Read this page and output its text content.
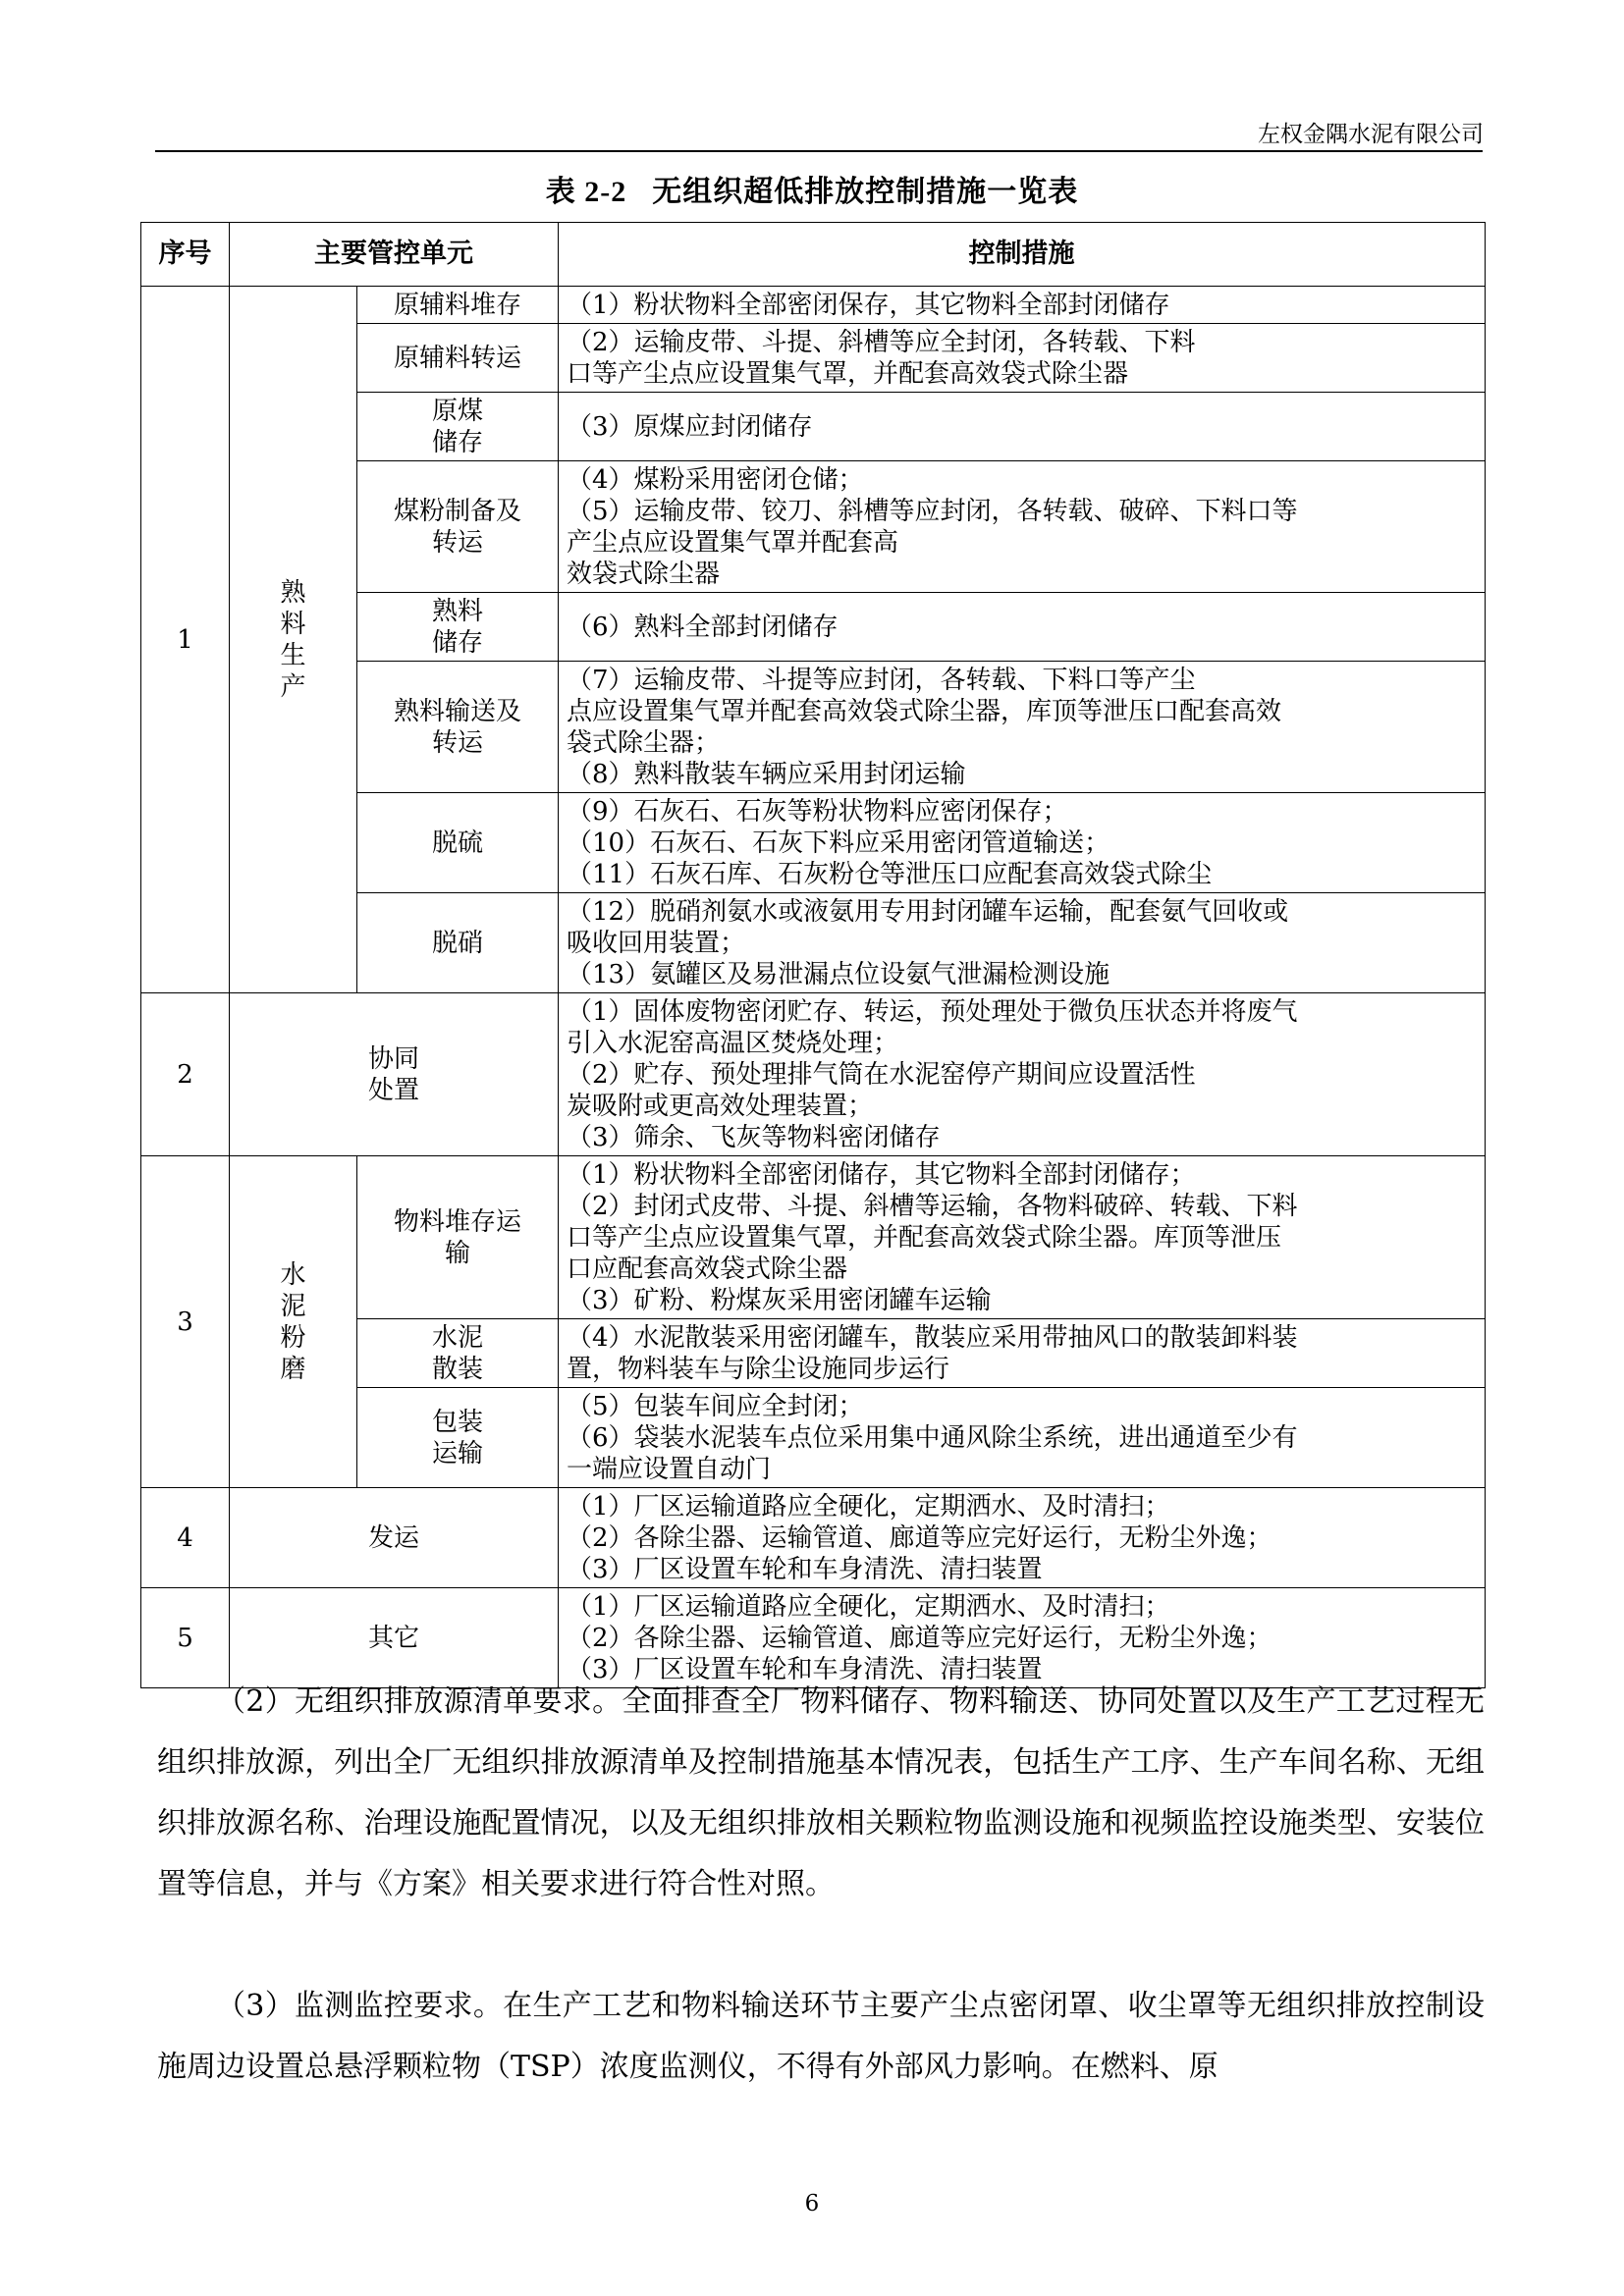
左权金隅水泥有限公司
表 2-2 无组织超低排放控制措施一览表
序号	主要管控单元		控制措施
1	熟料生产	原辅料堆存	（1）粉状物料全部密闭保存，其它物料全部封闭储存

		原辅料转运	（2）运输皮带、斗提、斜槽等应全封闭，各转载、下料
口等产尘点应设置集气罩，并配套高效袋式除尘器

		原煤
储存	（3）原煤应封闭储存

		煤粉制备及
转运	（4）煤粉采用密闭仓储；
（5）运输皮带、铰刀、斜槽等应封闭，各转载、破碎、下料口等
产尘点应设置集气罩并配套高
效袋式除尘器

		熟料
储存	（6）熟料全部封闭储存

		熟料输送及
转运	（7）运输皮带、斗提等应封闭，各转载、下料口等产尘
点应设置集气罩并配套高效袋式除尘器，库顶等泄压口配套高效
袋式除尘器；
（8）熟料散装车辆应采用封闭运输

		脱硫	（9）石灰石、石灰等粉状物料应密闭保存；
（10）石灰石、石灰下料应采用密闭管道输送；
（11）石灰石库、石灰粉仓等泄压口应配套高效袋式除尘

		脱硝	（12）脱硝剂氨水或液氨用专用封闭罐车运输，配套氨气回收或
吸收回用装置；
（13）氨罐区及易泄漏点位设氨气泄漏检测设施

2	协同
处置		（1）固体废物密闭贮存、转运，预处理处于微负压状态并将废气
引入水泥窑高温区焚烧处理；
（2）贮存、预处理排气筒在水泥窑停产期间应设置活性
炭吸附或更高效处理装置；
（3）筛余、飞灰等物料密闭储存

3	水泥粉磨	物料堆存运
输	（1）粉状物料全部密闭储存，其它物料全部封闭储存；
（2）封闭式皮带、斗提、斜槽等运输，各物料破碎、转载、下料
口等产尘点应设置集气罩，并配套高效袋式除尘器。库顶等泄压
口应配套高效袋式除尘器
（3）矿粉、粉煤灰采用密闭罐车运输

		水泥
散装	（4）水泥散装采用密闭罐车，散装应采用带抽风口的散装卸料装
置，物料装车与除尘设施同步运行

		包装
运输	（5）包装车间应全封闭；
（6）袋装水泥装车点位采用集中通风除尘系统，进出通道至少有
一端应设置自动门

4	发运		（1）厂区运输道路应全硬化，定期洒水、及时清扫；
（2）各除尘器、运输管道、廊道等应完好运行，无粉尘外逸；
（3）厂区设置车轮和车身清洗、清扫装置

5	其它		（1）厂区运输道路应全硬化，定期洒水、及时清扫；
（2）各除尘器、运输管道、廊道等应完好运行，无粉尘外逸；
（3）厂区设置车轮和车身清洗、清扫装置
（2）无组织排放源清单要求。全面排查全厂物料储存、物料输送、协同处置以及生产工艺过程无组织排放源，列出全厂无组织排放源清单及控制措施基本情况表，包括生产工序、生产车间名称、无组织排放源名称、治理设施配置情况，以及无组织排放相关颗粒物监测设施和视频监控设施类型、安装位置等信息，并与《方案》相关要求进行符合性对照。
（3）监测监控要求。在生产工艺和物料输送环节主要产尘点密闭罩、收尘罩等无组织排放控制设施周边设置总悬浮颗粒物（TSP）浓度监测仪，不得有外部风力影响。在燃料、原
6
